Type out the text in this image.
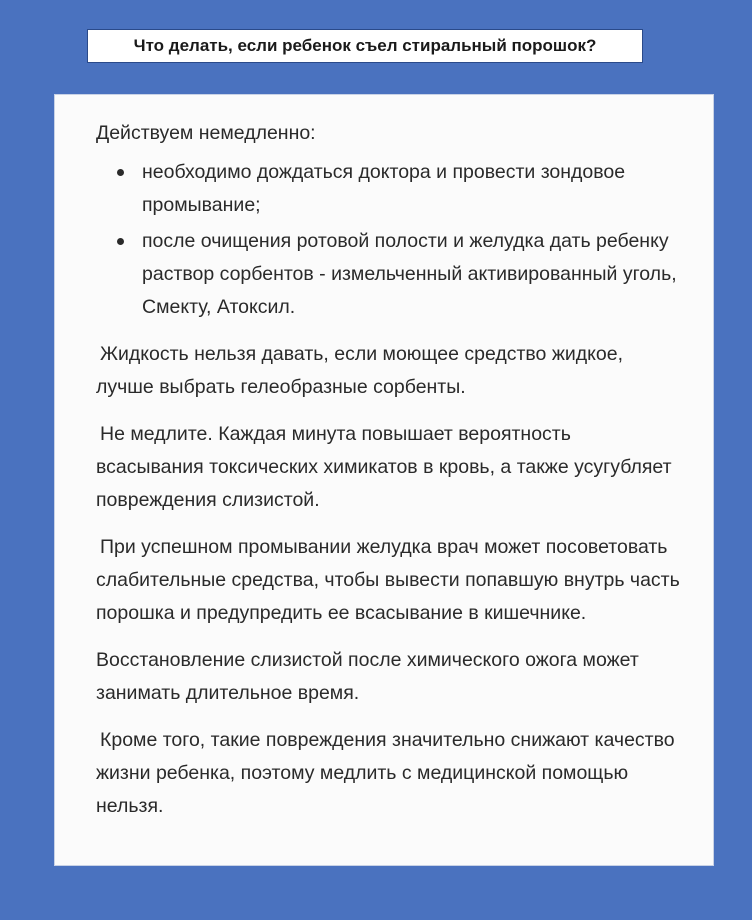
Что делать, если ребенок съел стиральный порошок?

Действуем немедленно:

необходимо дождаться доктора и провести зондовое промывание;
после очищения ротовой полости и желудка дать ребенку раствор сорбентов - измельченный активированный уголь, Смекту, Атоксил.

Жидкость нельзя давать, если моющее средство жидкое, лучше выбрать гелеобразные сорбенты.

Не медлите. Каждая минута повышает вероятность всасывания токсических химикатов в кровь, а также усугубляет повреждения слизистой.

При успешном промывании желудка врач может посоветовать слабительные средства, чтобы вывести попавшую внутрь часть порошка и предупредить ее всасывание в кишечнике.

Восстановление слизистой после химического ожога может занимать длительное время.

Кроме того, такие повреждения значительно снижают качество жизни ребенка, поэтому медлить с медицинской помощью нельзя.
